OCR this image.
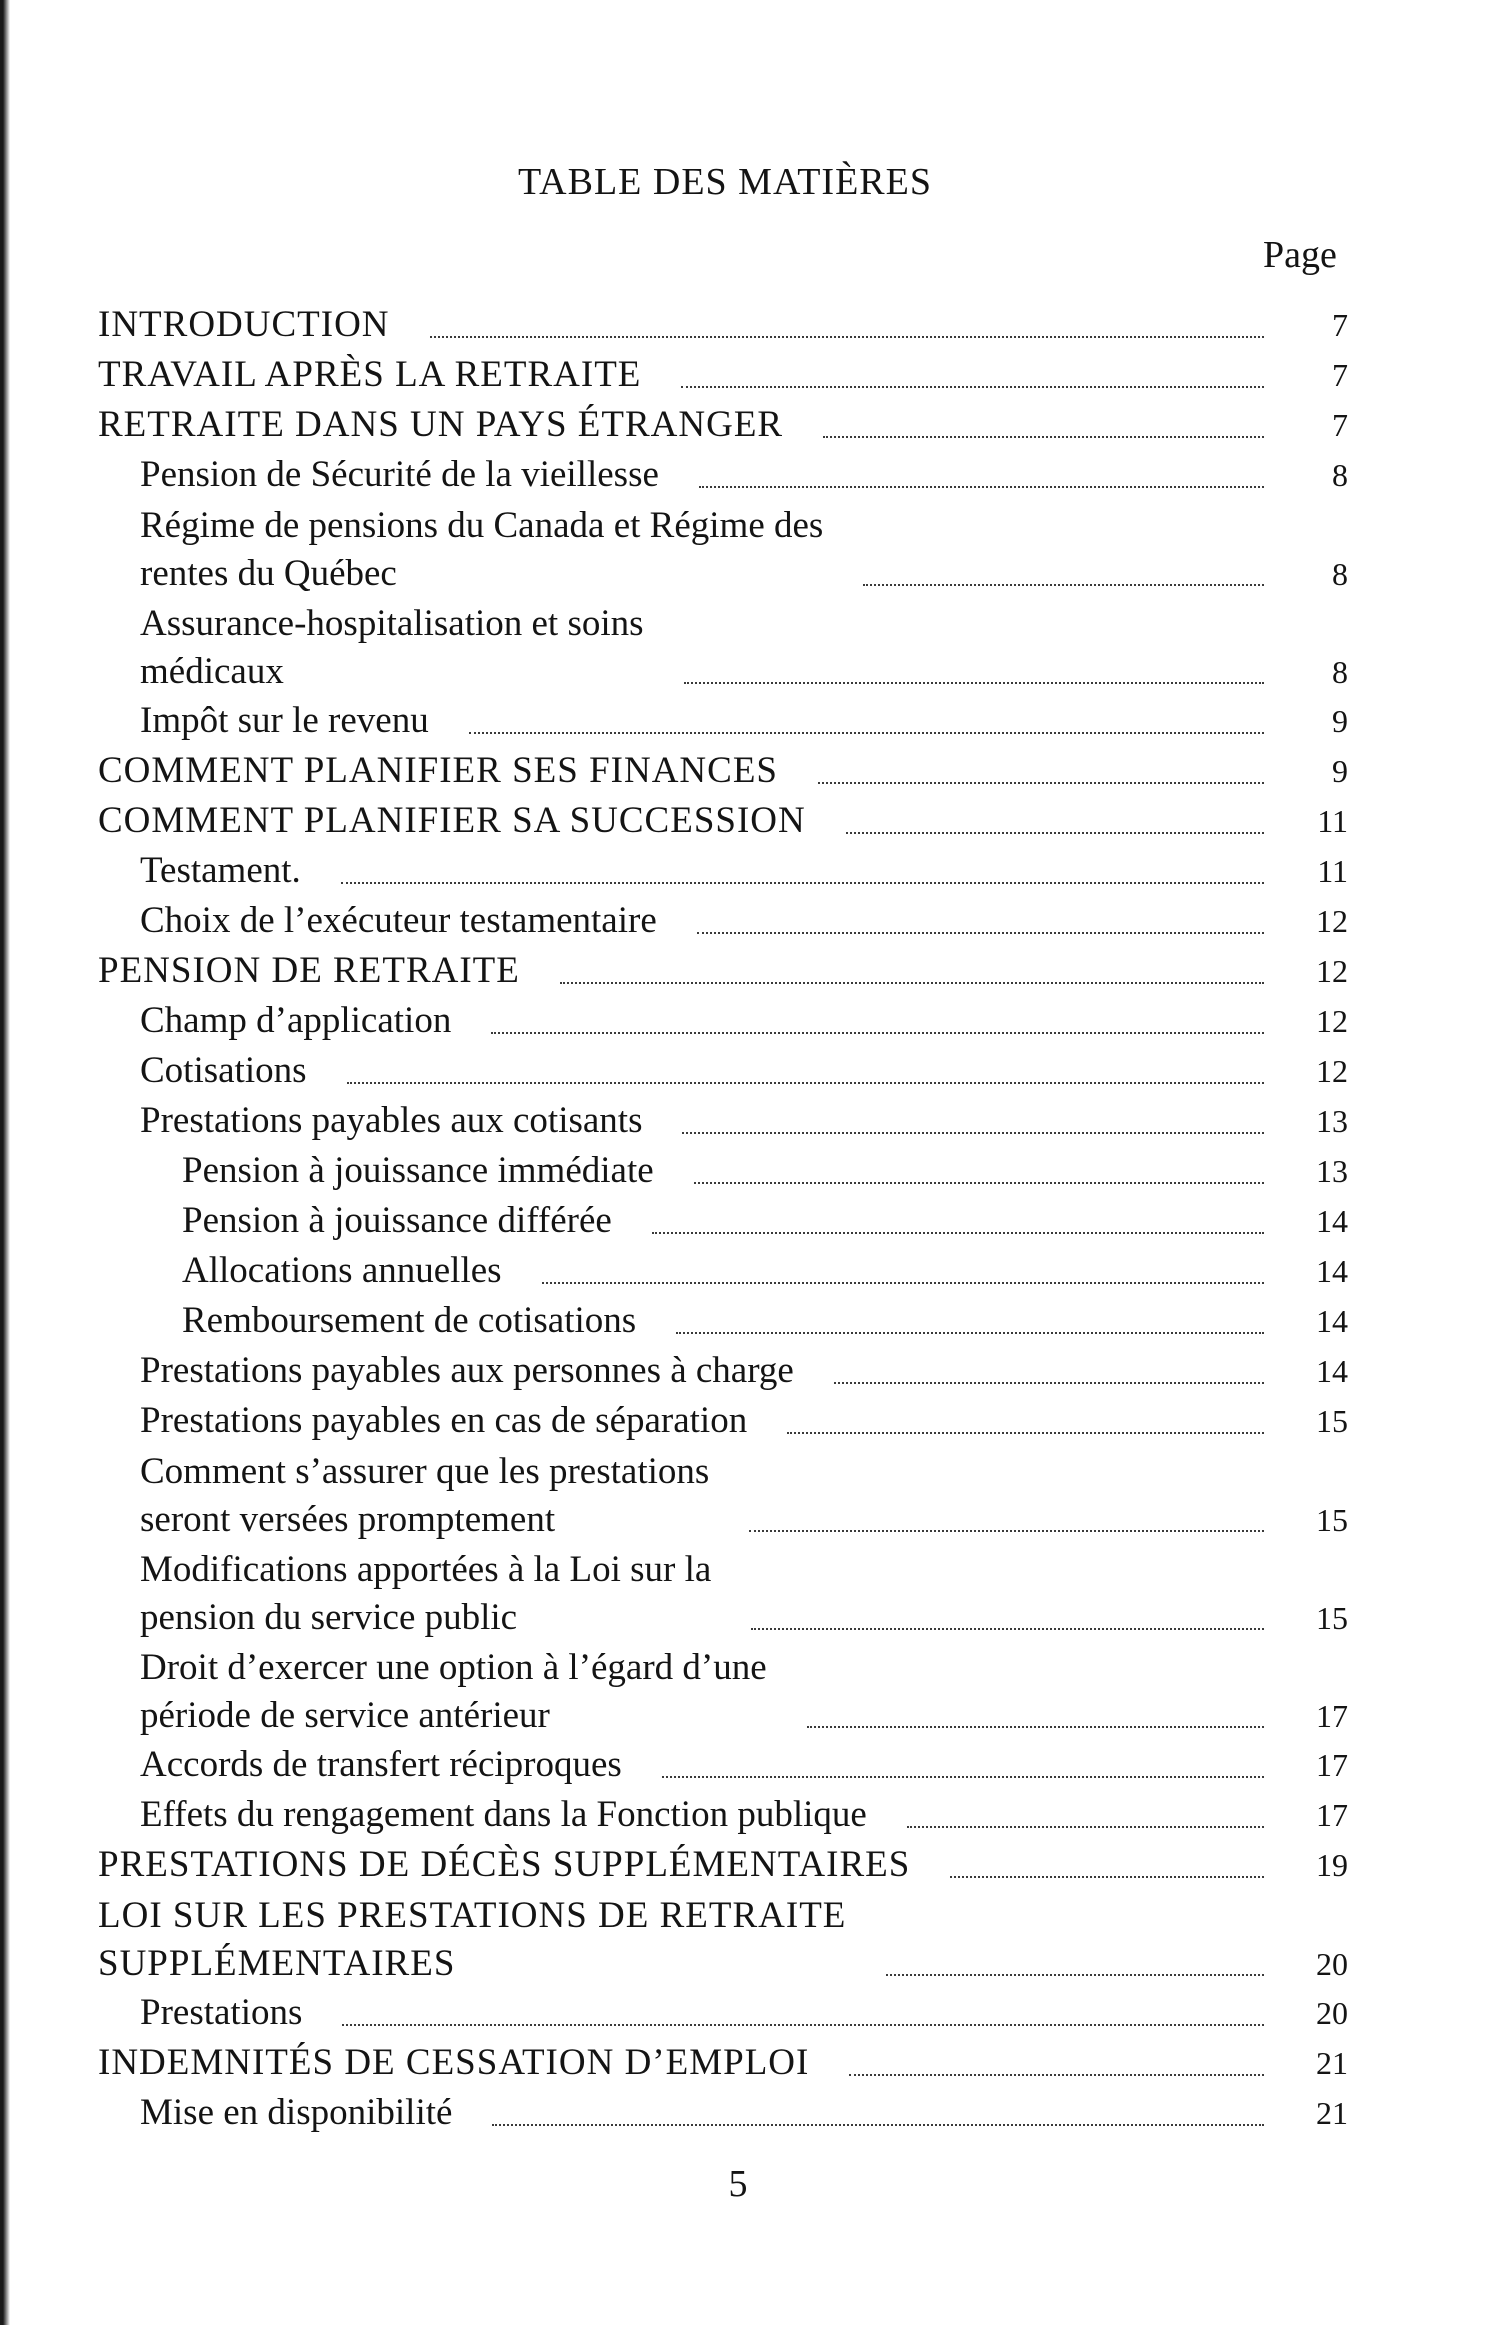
TABLE DES MATIÈRES
Page
INTRODUCTION	7
TRAVAIL APRÈS LA RETRAITE	7
RETRAITE DANS UN PAYS ÉTRANGER	7
Pension de Sécurité de la vieillesse	8
Régime de pensions du Canada et Régime des
rentes du Québec	8
Assurance-hospitalisation et soins
médicaux	8
Impôt sur le revenu	9
COMMENT PLANIFIER SES FINANCES	9
COMMENT PLANIFIER SA SUCCESSION	11
Testament.	11
Choix de l’exécuteur testamentaire	12
PENSION DE RETRAITE	12
Champ d’application	12
Cotisations	12
Prestations payables aux cotisants	13
Pension à jouissance immédiate	13
Pension à jouissance différée	14
Allocations annuelles	14
Remboursement de cotisations	14
Prestations payables aux personnes à charge	14
Prestations payables en cas de séparation	15
Comment s’assurer que les prestations
seront versées promptement	15
Modifications apportées à la Loi sur la
pension du service public	15
Droit d’exercer une option à l’égard d’une
période de service antérieur	17
Accords de transfert réciproques	17
Effets du rengagement dans la Fonction publique	17
PRESTATIONS DE DÉCÈS SUPPLÉMENTAIRES	19
LOI SUR LES PRESTATIONS DE RETRAITE
SUPPLÉMENTAIRES	20
Prestations	20
INDEMNITÉS DE CESSATION D’EMPLOI	21
Mise en disponibilité	21
5
